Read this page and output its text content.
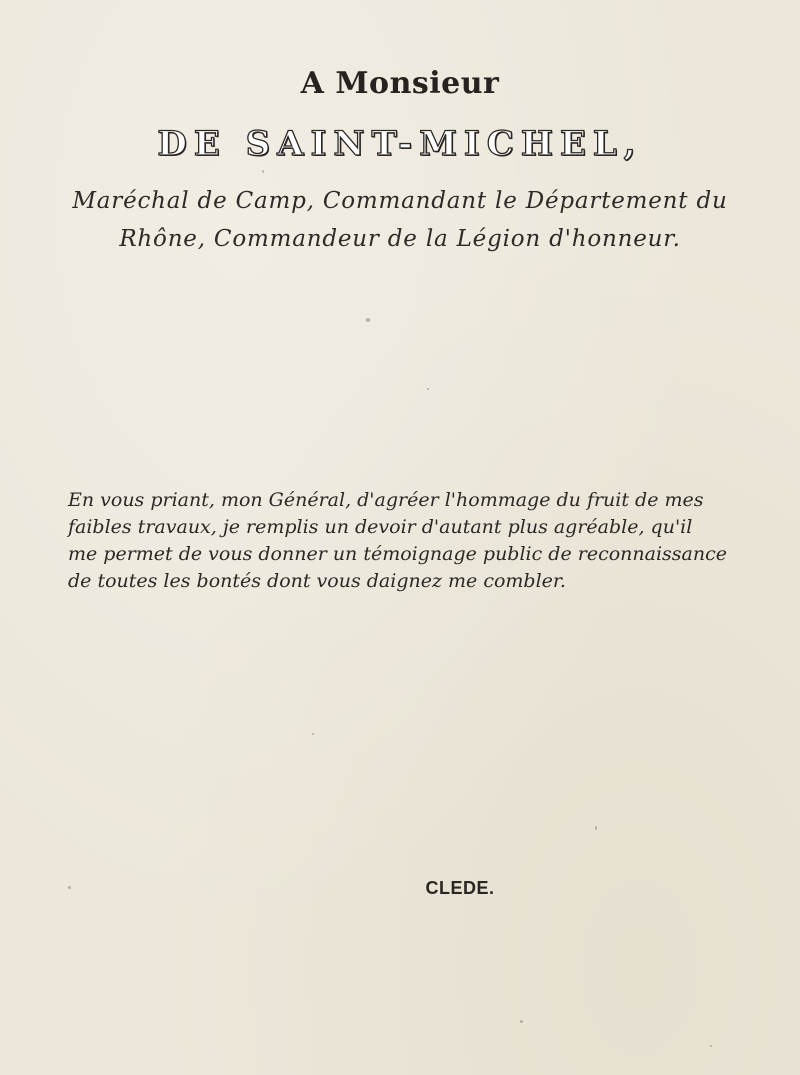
A Monsieur
DE SAINT-MICHEL,
Maréchal de Camp, Commandant le Département du
Rhône, Commandeur de la Légion d'honneur.
En vous priant, mon Général, d'agréer l'hommage du fruit de mes
faibles travaux, je remplis un devoir d'autant plus agréable, qu'il
me permet de vous donner un témoignage public de reconnaissance
de toutes les bontés dont vous daignez me combler.
CLEDE.
